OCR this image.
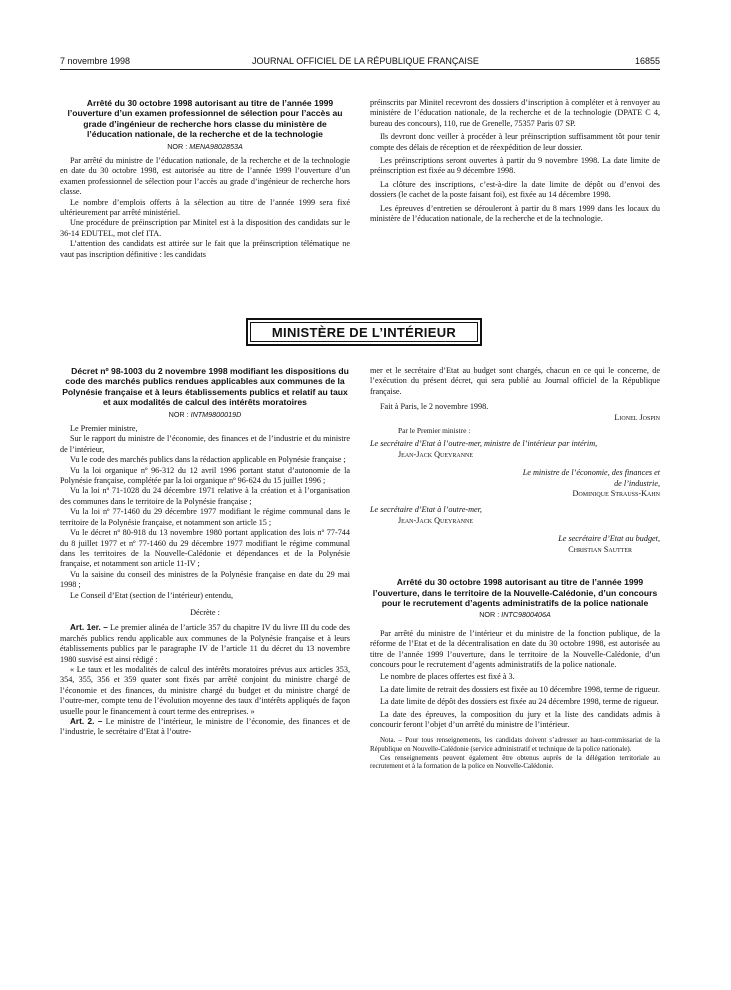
7 novembre 1998	JOURNAL OFFICIEL DE LA RÉPUBLIQUE FRANÇAISE	16855

Arrêté du 30 octobre 1998 autorisant au titre de l’année 1999 l’ouverture d’un examen professionnel de sélection pour l’accès au grade d’ingénieur de recherche hors classe du ministère de l’éducation nationale, de la recherche et de la technologie

NOR : MENA9802853A

Par arrêté du ministre de l’éducation nationale, de la recherche et de la technologie en date du 30 octobre 1998, est autorisée au titre de l’année 1999 l’ouverture d’un examen professionnel de sélection pour l’accès au grade d’ingénieur de recherche hors classe.

Le nombre d’emplois offerts à la sélection au titre de l’année 1999 sera fixé ultérieurement par arrêté ministériel.

Une procédure de préinscription par Minitel est à la disposition des candidats sur le 36-14 EDUTEL, mot clef ITA.

L’attention des candidats est attirée sur le fait que la préinscription télématique ne vaut pas inscription définitive : les candidats

préinscrits par Minitel recevront des dossiers d’inscription à compléter et à renvoyer au ministère de l’éducation nationale, de la recherche et de la technologie (DPATE C 4, bureau des concours), 110, rue de Grenelle, 75357 Paris 07 SP.

Ils devront donc veiller à procéder à leur préinscription suffisamment tôt pour tenir compte des délais de réception et de réexpédition de leur dossier.

Les préinscriptions seront ouvertes à partir du 9 novembre 1998. La date limite de préinscription est fixée au 9 décembre 1998.

La clôture des inscriptions, c’est-à-dire la date limite de dépôt ou d’envoi des dossiers (le cachet de la poste faisant foi), est fixée au 14 décembre 1998.

Les épreuves d’entretien se dérouleront à partir du 8 mars 1999 dans les locaux du ministère de l’éducation nationale, de la recherche et de la technologie.

MINISTÈRE DE L’INTÉRIEUR

Décret nº 98-1003 du 2 novembre 1998 modifiant les dispositions du code des marchés publics rendues applicables aux communes de la Polynésie française et à leurs établissements publics et relatif au taux et aux modalités de calcul des intérêts moratoires

NOR : INTM9800019D

Le Premier ministre,

Sur le rapport du ministre de l’économie, des finances et de l’industrie et du ministre de l’intérieur,

Vu le code des marchés publics dans la rédaction applicable en Polynésie française ;

Vu la loi organique nº 96-312 du 12 avril 1996 portant statut d’autonomie de la Polynésie française, complétée par la loi organique nº 96-624 du 15 juillet 1996 ;

Vu la loi nº 71-1028 du 24 décembre 1971 relative à la création et à l’organisation des communes dans le territoire de la Polynésie française ;

Vu la loi nº 77-1460 du 29 décembre 1977 modifiant le régime communal dans le territoire de la Polynésie française, et notamment son article 15 ;

Vu le décret nº 80-918 du 13 novembre 1980 portant application des lois nº 77-744 du 8 juillet 1977 et nº 77-1460 du 29 décembre 1977 modifiant le régime communal dans les territoires de la Nouvelle-Calédonie et dépendances et de la Polynésie française, et notamment son article 11-IV ;

Vu la saisine du conseil des ministres de la Polynésie française en date du 29 mai 1998 ;

Le Conseil d’Etat (section de l’intérieur) entendu,

Décrète :

Art. 1er. – Le premier alinéa de l’article 357 du chapitre IV du livre III du code des marchés publics rendu applicable aux communes de la Polynésie française et à leurs établissements publics par le paragraphe IV de l’article 11 du décret du 13 novembre 1980 susvisé est ainsi rédigé :

« Le taux et les modalités de calcul des intérêts moratoires prévus aux articles 353, 354, 355, 356 et 359 quater sont fixés par arrêté conjoint du ministre chargé de l’économie et des finances, du ministre chargé du budget et du ministre chargé de l’outre-mer, compte tenu de l’évolution moyenne des taux d’intérêts appliqués de façon usuelle pour le financement à court terme des entreprises. »

Art. 2. – Le ministre de l’intérieur, le ministre de l’économie, des finances et de l’industrie, le secrétaire d’Etat à l’outre-

mer et le secrétaire d’Etat au budget sont chargés, chacun en ce qui le concerne, de l’exécution du présent décret, qui sera publié au Journal officiel de la République française.

Fait à Paris, le 2 novembre 1998.

Lionel Jospin

Par le Premier ministre :

Le secrétaire d’Etat à l’outre-mer, ministre de l’intérieur par intérim,

Jean-Jack Queyranne

Le ministre de l’économie, des finances et de l’industrie,

Dominique Strauss-Kahn

Le secrétaire d’Etat à l’outre-mer,

Jean-Jack Queyranne

Le secrétaire d’Etat au budget,

Christian Sautter

Arrêté du 30 octobre 1998 autorisant au titre de l’année 1999 l’ouverture, dans le territoire de la Nouvelle-Calédonie, d’un concours pour le recrutement d’agents administratifs de la police nationale

NOR : INTC9800406A

Par arrêté du ministre de l’intérieur et du ministre de la fonction publique, de la réforme de l’Etat et de la décentralisation en date du 30 octobre 1998, est autorisée au titre de l’année 1999 l’ouverture, dans le territoire de la Nouvelle-Calédonie, d’un concours pour le recrutement d’agents administratifs de la police nationale.

Le nombre de places offertes est fixé à 3.

La date limite de retrait des dossiers est fixée au 10 décembre 1998, terme de rigueur.

La date limite de dépôt des dossiers est fixée au 24 décembre 1998, terme de rigueur.

La date des épreuves, la composition du jury et la liste des candidats admis à concourir feront l’objet d’un arrêté du ministre de l’intérieur.

Nota. – Pour tous renseignements, les candidats doivent s’adresser au haut-commissariat de la République en Nouvelle-Calédonie (service administratif et technique de la police nationale).

Ces renseignements peuvent également être obtenus auprès de la délégation territoriale au recrutement et à la formation de la police en Nouvelle-Calédonie.
